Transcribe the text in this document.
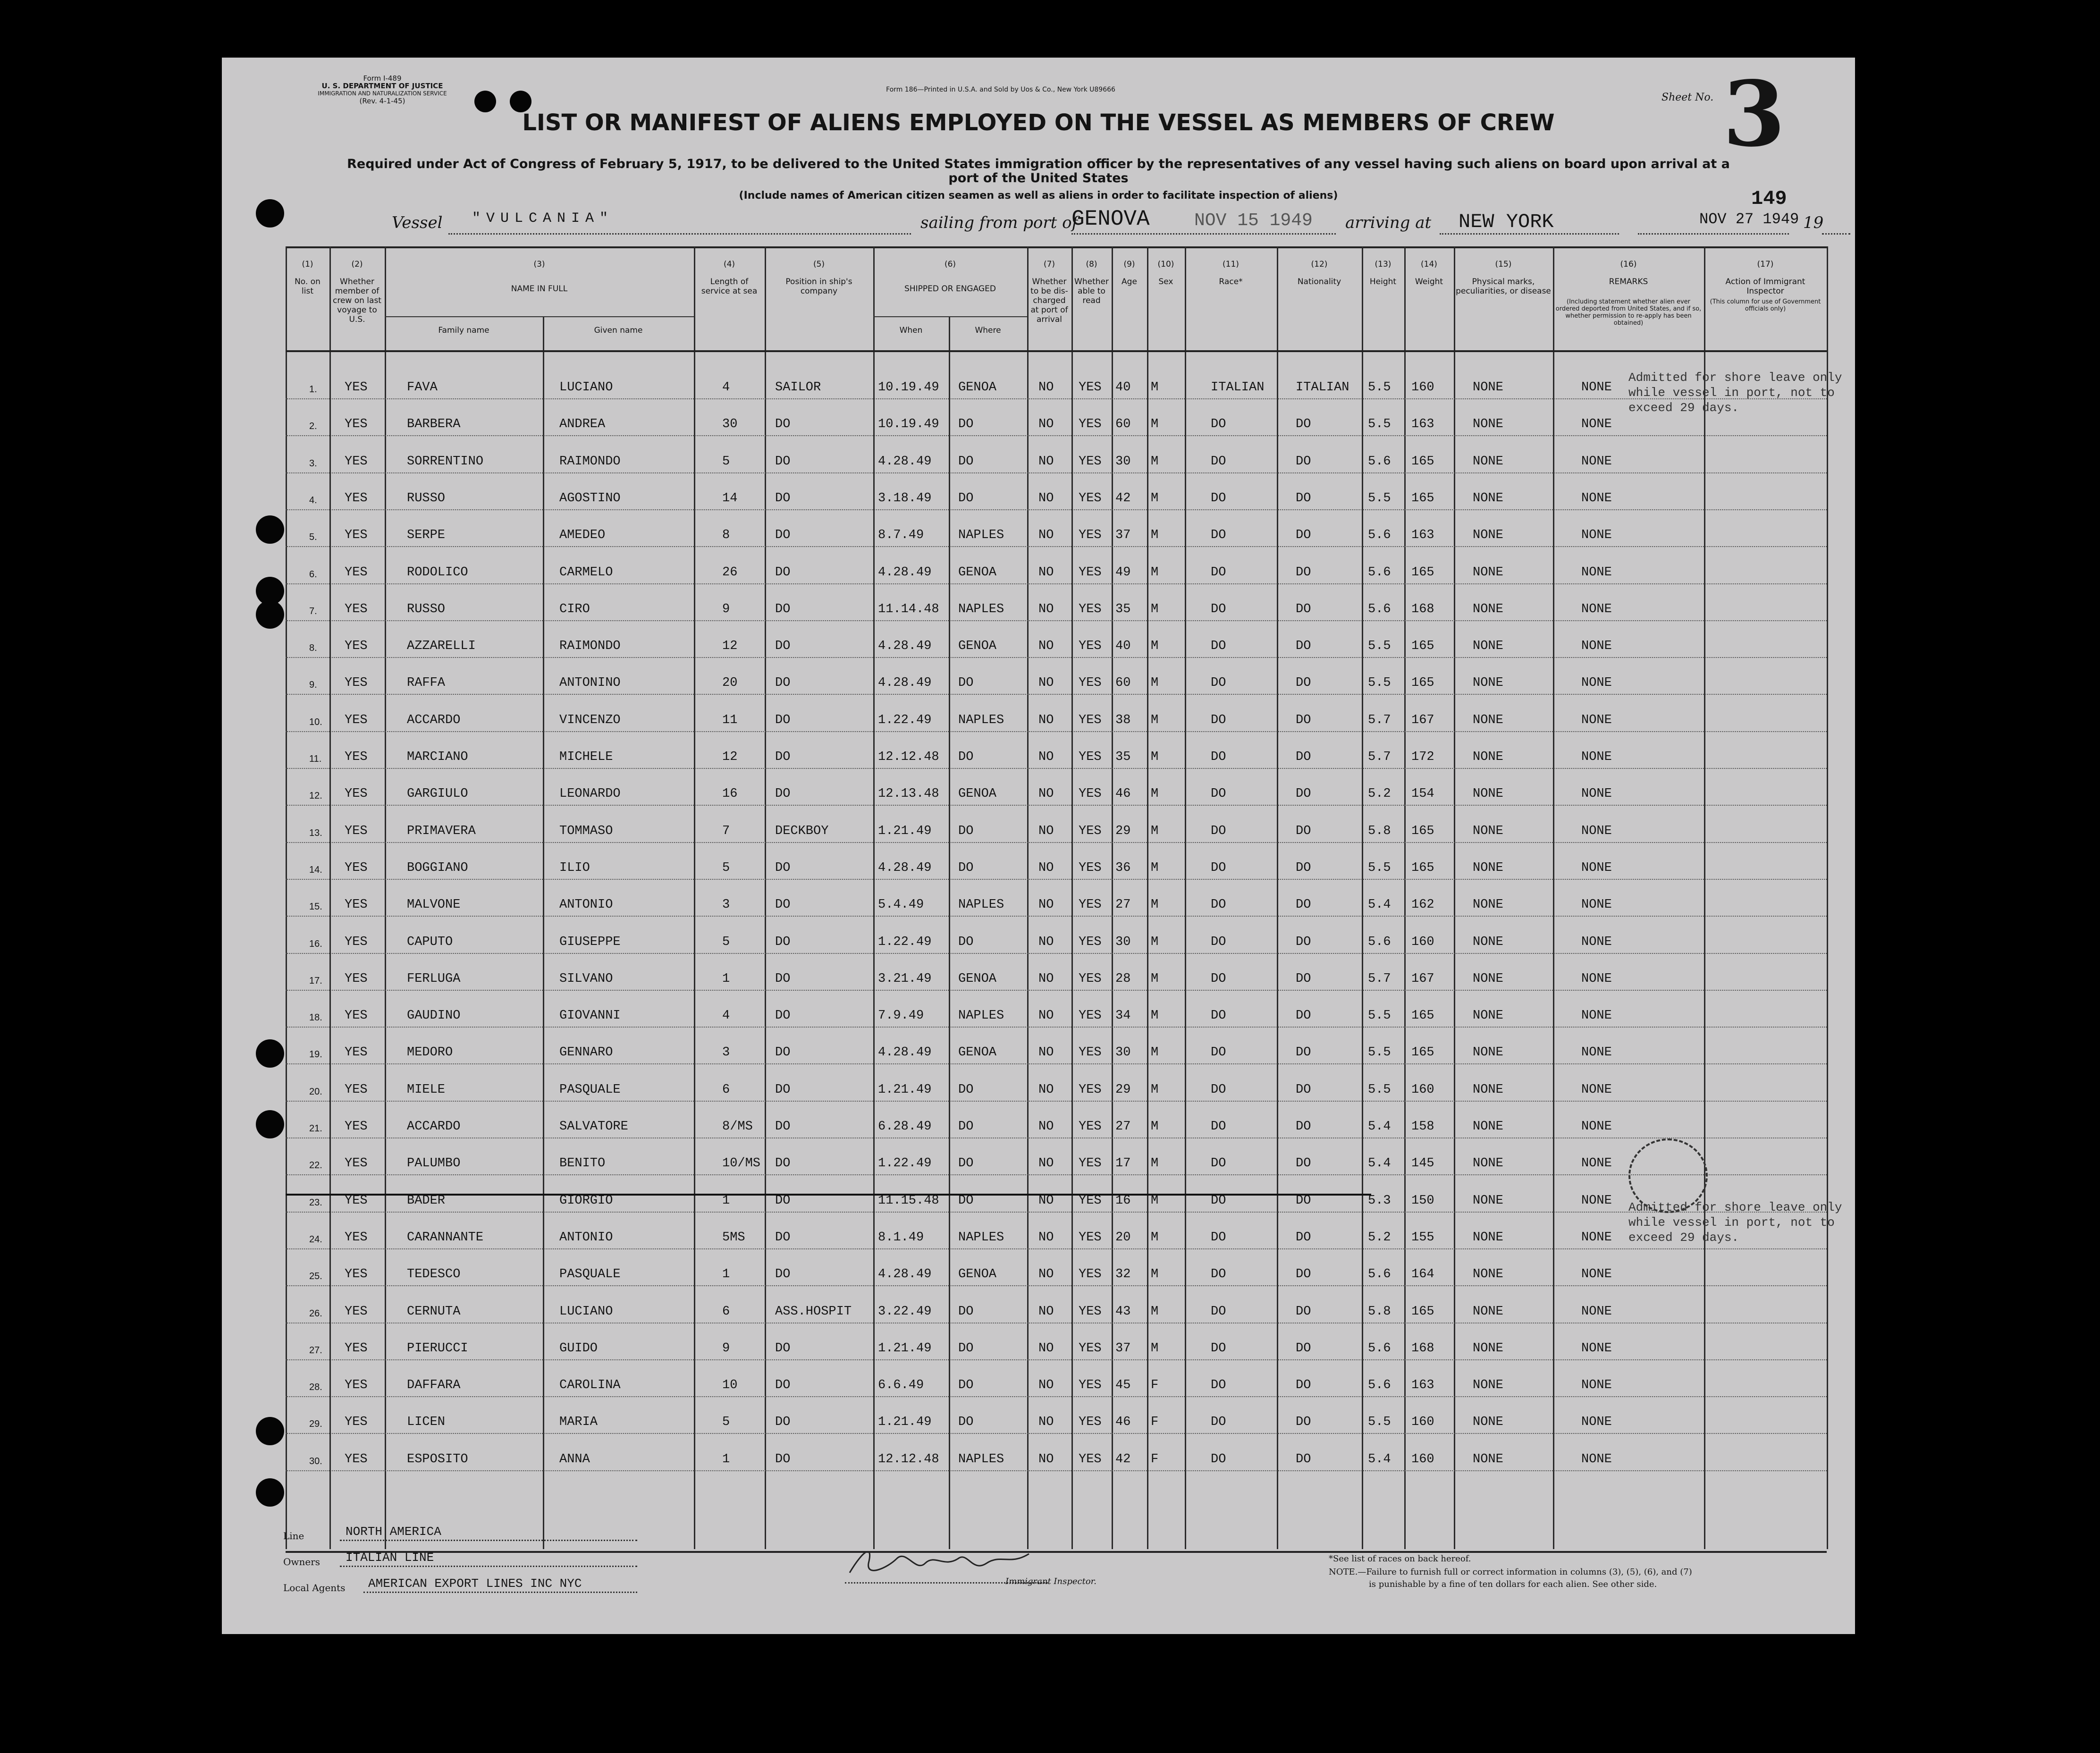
Form I-489
U. S. DEPARTMENT OF JUSTICE
IMMIGRATION AND NATURALIZATION SERVICE
(Rev. 4-1-45)
Form 186—Printed in U.S.A. and Sold by Uos & Co., New York U89666
Sheet No. 3
149
LIST OR MANIFEST OF ALIENS EMPLOYED ON THE VESSEL AS MEMBERS OF CREW
Required under Act of Congress of February 5, 1917, to be delivered to the United States immigration officer by the representatives of any vessel having such aliens on board upon arrival at a
port of the United States
(Include names of American citizen seamen as well as aliens in order to facilitate inspection of aliens)
Vessel "VULCANIA"	sailing from port of
GENOVA NOV 15 1949 arriving at NEW YORK	NOV 27 1949 19
(1)
No. on list
(2)
Whether member of crew on last voyage to U.S.
(3)
NAME IN FULL
Family name	Given name
(4)
Length of service at sea
(5)
Position in ship's company
(6)
SHIPPED OR ENGAGED
When	Where
(7)
Whether to be dis-charged at port of arrival
(8)
Whether able to read
(9)
Age
(10)
Sex
(11)
Race*
(12)
Nationality
(13)
Height
(14)
Weight
(15)
Physical marks, peculiarities, or disease
(16)
REMARKS
(Including statement whether alien ever ordered deported from United States, and if so, whether permission to re-apply has been obtained)
(17)
Action of Immigrant Inspector
(This column for use of Government officials only)
1. YES	FAVA	LUCIANO	4	SAILOR	10.19.49 GENOA	NO YES 40 M	ITALIAN ITALIAN 5.5 160	NONE	NONE
2. YES	BARBERA	ANDREA	30	DO	10.19.49 DO	NO YES 60 M	DO	DO	5.5 163	NONE	NONE
3. YES	SORRENTINO	RAIMONDO	5	DO	4.28.49 DO	NO YES 30 M	DO	DO	5.6 165	NONE	NONE
4. YES	RUSSO	AGOSTINO	14	DO	3.18.49 DO	NO YES 42 M	DO	DO	5.5 165	NONE	NONE
5. YES	SERPE	AMEDEO	8	DO	8.7.49	NAPLES	NO YES 37 M	DO	DO	5.6 163	NONE	NONE
6. YES	RODOLICO	CARMELO	26	DO	4.28.49 GENOA	NO YES 49 M	DO	DO	5.6 165	NONE	NONE
7. YES	RUSSO	CIRO	9	DO	11.14.48 NAPLES	NO YES 35 M	DO	DO	5.6 168	NONE	NONE
8. YES	AZZARELLI	RAIMONDO	12	DO	4.28.49 GENOA	NO YES 40 M	DO	DO	5.5 165	NONE	NONE
9. YES	RAFFA	ANTONINO	20	DO	4.28.49 DO	NO YES 60 M	DO	DO	5.5 165	NONE	NONE
10. YES	ACCARDO	VINCENZO	11	DO	1.22.49 NAPLES	NO YES 38 M	DO	DO	5.7 167	NONE	NONE
11. YES	MARCIANO	MICHELE	12	DO	12.12.48 DO	NO YES 35 M	DO	DO	5.7 172	NONE	NONE
12. YES	GARGIULO	LEONARDO	16	DO	12.13.48 GENOA	NO YES 46 M	DO	DO	5.2 154	NONE	NONE
13. YES	PRIMAVERA	TOMMASO	7	DECKBOY	1.21.49 DO	NO YES 29 M	DO	DO	5.8 165	NONE	NONE
14. YES	BOGGIANO	ILIO	5	DO	4.28.49 DO	NO YES 36 M	DO	DO	5.5 165	NONE	NONE
15. YES	MALVONE	ANTONIO	3	DO	5.4.49	NAPLES	NO YES 27 M	DO	DO	5.4 162	NONE	NONE
16. YES	CAPUTO	GIUSEPPE	5	DO	1.22.49 DO	NO YES 30 M	DO	DO	5.6 160	NONE	NONE
17. YES	FERLUGA	SILVANO	1	DO	3.21.49 GENOA	NO YES 28 M	DO	DO	5.7 167	NONE	NONE
18. YES	GAUDINO	GIOVANNI	4	DO	7.9.49	NAPLES	NO YES 34 M	DO	DO	5.5 165	NONE	NONE
19. YES	MEDORO	GENNARO	3	DO	4.28.49 GENOA	NO YES 30 M	DO	DO	5.5 165	NONE	NONE
20. YES	MIELE	PASQUALE	6	DO	1.21.49 DO	NO YES 29 M	DO	DO	5.5 160	NONE	NONE
21. YES	ACCARDO	SALVATORE	8/MS DO	6.28.49 DO	NO YES 27 M	DO	DO	5.4 158	NONE	NONE
22. YES	PALUMBO	BENITO	10/MS DO	1.22.49 DO	NO YES 17 M	DO	DO	5.4 145	NONE	NONE
23. YES	BADER	GIORGIO	1	DO	11.15.48 DO	NO YES 16 M	DO	DO	5.3 150	NONE	NONE
24. YES	CARANNANTE	ANTONIO	5MS DO	8.1.49	NAPLES	NO YES 20 M	DO	DO	5.2 155	NONE	NONE
25. YES	TEDESCO	PASQUALE	1	DO	4.28.49 GENOA	NO YES 32 M	DO	DO	5.6 164	NONE	NONE
26. YES	CERNUTA	LUCIANO	6	ASS.HOSPIT 3.22.49 DO	NO YES 43 M	DO	DO	5.8 165	NONE	NONE
27. YES	PIERUCCI	GUIDO	9	DO	1.21.49 DO	NO YES 37 M	DO	DO	5.6 168	NONE	NONE
28. YES	DAFFARA	CAROLINA	10	DO	6.6.49	DO	NO YES 45 F	DO	DO	5.6 163	NONE	NONE
29. YES	LICEN	MARIA	5	DO	1.21.49 DO	NO YES 46 F	DO	DO	5.5 160	NONE	NONE
30. YES	ESPOSITO	ANNA	1	DO	12.12.48 NAPLES	NO YES 42 F	DO	DO	5.4 160	NONE	NONE
Admitted for shore leave only while vessel in port, not to exceed 29 days.
Admitted for shore leave only while vessel in port, not to exceed 29 days.
Line	NORTH AMERICA
Owners ITALIAN LINE
Local Agents AMERICAN EXPORT LINES INC NYC	Immigrant Inspector.
*See list of races on back hereof.
NOTE.—Failure to furnish full or correct information in columns (3), (5), (6), and (7)
is punishable by a fine of ten dollars for each alien. See other side.
